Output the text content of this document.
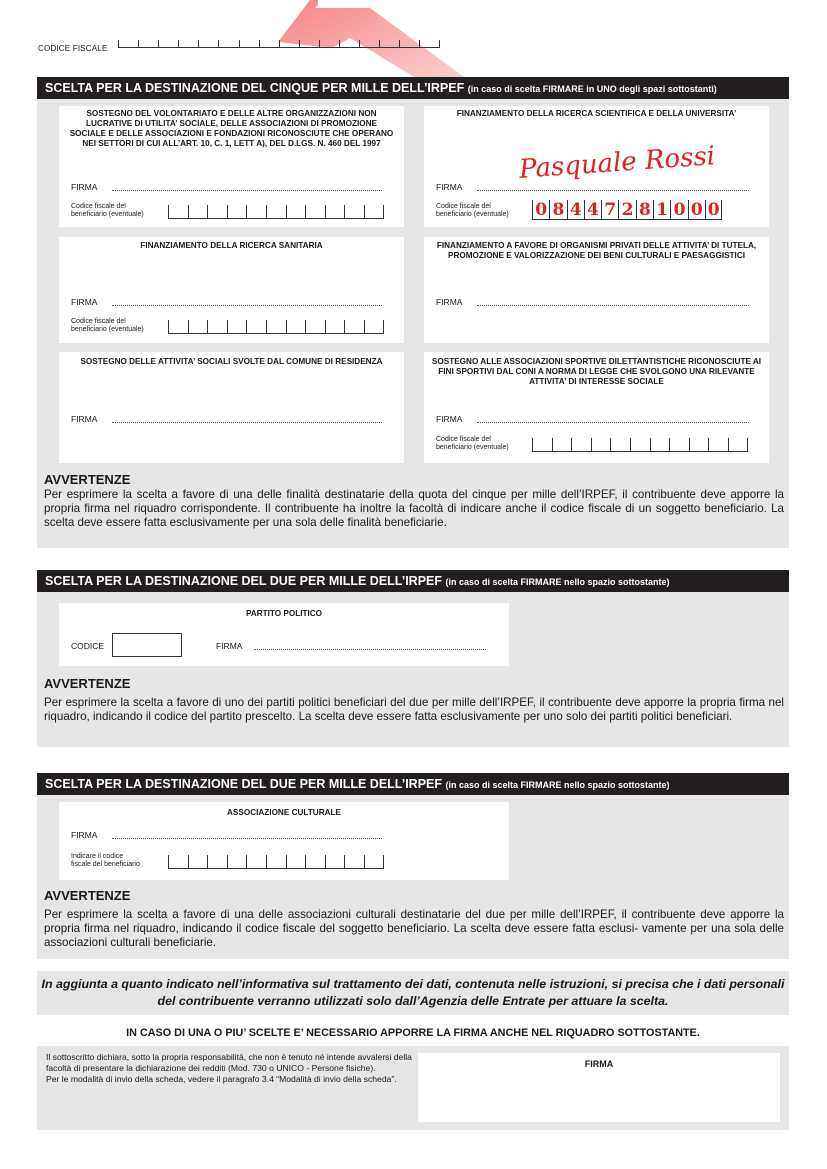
CODICE FISCALE
SCELTA PER LA DESTINAZIONE DEL CINQUE PER MILLE DELL’IRPEF (in caso di scelta FIRMARE in UNO degli spazi sottostanti)
SOSTEGNO DEL VOLONTARIATO E DELLE ALTRE ORGANIZZAZIONI NON LUCRATIVE DI UTILITA’ SOCIALE, DELLE ASSOCIAZIONI DI PROMOZIONE SOCIALE E DELLE ASSOCIAZIONI E FONDAZIONI RICONOSCIUTE CHE OPERANO NEI SETTORI DI CUI ALL’ART. 10, C. 1, LETT A), DEL D.LGS. N. 460 DEL 1997
FIRMA
Codice fiscale del
beneficiario (eventuale)
FINANZIAMENTO DELLA RICERCA SCIENTIFICA E DELLA UNIVERSITA’
Pasquale Rossi
FIRMA
Codice fiscale del
beneficiario (eventuale) 0 8 4 4 7 2 8 1 0 0 0
FINANZIAMENTO DELLA RICERCA SANITARIA
FIRMA
Codice fiscale del
beneficiario (eventuale)
FINANZIAMENTO A FAVORE DI ORGANISMI PRIVATI DELLE ATTIVITA’ DI TUTELA, PROMOZIONE E VALORIZZAZIONE DEI BENI CULTURALI E PAESAGGISTICI
FIRMA
SOSTEGNO DELLE ATTIVITA’ SOCIALI SVOLTE DAL COMUNE DI RESIDENZA
FIRMA
SOSTEGNO ALLE ASSOCIAZIONI SPORTIVE DILETTANTISTICHE RICONOSCIUTE AI FINI SPORTIVI DAL CONI A NORMA DI LEGGE CHE SVOLGONO UNA RILEVANTE ATTIVITA’ DI INTERESSE SOCIALE
FIRMA
Codice fiscale del
beneficiario (eventuale)
AVVERTENZE
Per esprimere la scelta a favore di una delle finalità destinatarie della quota del cinque per mille dell’IRPEF, il contribuente deve apporre la propria firma nel riquadro corrispondente. Il contribuente ha inoltre la facoltà di indicare anche il codice fiscale di un soggetto beneficiario. La scelta deve essere fatta esclusivamente per una sola delle finalità beneficiarie.
SCELTA PER LA DESTINAZIONE DEL DUE PER MILLE DELL’IRPEF (in caso di scelta FIRMARE nello spazio sottostante)
PARTITO POLITICO
CODICE	FIRMA
AVVERTENZE
Per esprimere la scelta a favore di uno dei partiti politici beneficiari del due per mille dell’IRPEF, il contribuente deve apporre la propria firma nel riquadro, indicando il codice del partito prescelto. La scelta deve essere fatta esclusivamente per uno solo dei partiti politici beneficiari.
SCELTA PER LA DESTINAZIONE DEL DUE PER MILLE DELL’IRPEF (in caso di scelta FIRMARE nello spazio sottostante)
ASSOCIAZIONE CULTURALE
FIRMA
Indicare il codice
fiscale del beneficiario
AVVERTENZE
Per esprimere la scelta a favore di una delle associazioni culturali destinatarie del due per mille dell’IRPEF, il contribuente deve apporre la propria firma nel riquadro, indicando il codice fiscale del soggetto beneficiario. La scelta deve essere fatta esclusi- vamente per una sola delle associazioni culturali beneficiarie.
In aggiunta a quanto indicato nell’informativa sul trattamento dei dati, contenuta nelle istruzioni, si precisa che i dati personali del contribuente verranno utilizzati solo dall’Agenzia delle Entrate per attuare la scelta.
IN CASO DI UNA O PIU’ SCELTE E’ NECESSARIO APPORRE LA FIRMA ANCHE NEL RIQUADRO SOTTOSTANTE.
Il sottoscritto dichiara, sotto la propria responsabilità, che non è tenuto né intende avvalersi della facoltà di presentare la dichiarazione dei redditi (Mod. 730 o UNICO - Persone fisiche).
Per le modalità di invio della scheda, vedere il paragrafo 3.4 “Modalità di invio della scheda”.
FIRMA
